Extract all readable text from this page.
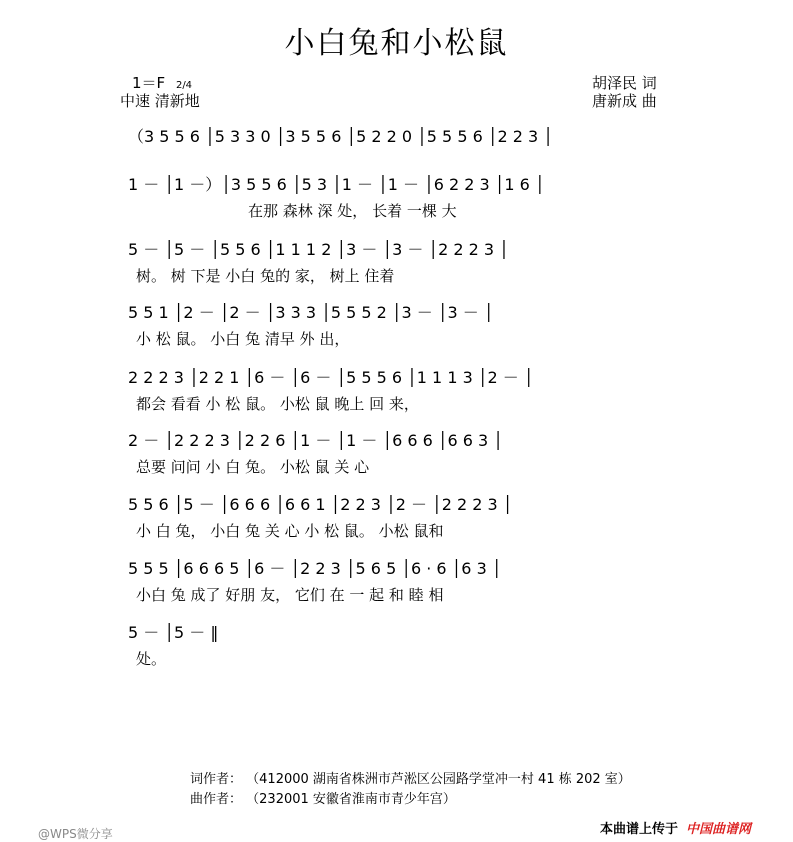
小白兔和小松鼠
1＝F 2/4
中速 清新地
胡泽民 词
唐新成 曲
（3 5 5 6 │5 3 3 0 │3 5 5 6 │5 2 2 0 │5 5 5 6 │2 2 3 │
1 － │1 －）│3 5 5 6 │5 3 │1 － │1 － │6 2 2 3 │1 6 │
在那 森林 深 处， 长着 一棵 大
5 － │5 － │5 5 6 │1 1 1 2 │3 － │3 － │2 2 2 3 │
树。 树 下是 小白 兔的 家， 树上 住着
5 5 1 │2 － │2 － │3 3 3 │5 5 5 2 │3 － │3 － │
小 松 鼠。 小白 兔 清早 外 出，
2 2 2 3 │2 2 1 │6 － │6 － │5 5 5 6 │1 1 1 3 │2 － │
都会 看看 小 松 鼠。 小松 鼠 晚上 回 来，
2 － │2 2 2 3 │2 2 6 │1 － │1 － │6 6 6 │6 6 3 │
总要 问问 小 白 兔。 小松 鼠 关 心
5 5 6 │5 － │6 6 6 │6 6 1 │2 2 3 │2 － │2 2 2 3 │
小 白 兔， 小白 兔 关 心 小 松 鼠。 小松 鼠和
5 5 5 │6 6 6 5 │6 － │2 2 3 │5 6 5 │6 · 6 │6 3 │
小白 兔 成了 好朋 友， 它们 在 一 起 和 睦 相
5 － │5 － ‖
处。
词作者： （412000 湖南省株洲市芦淞区公园路学堂冲一村 41 栋 202 室）
曲作者： （232001 安徽省淮南市青少年宫）
@WPS微分享	本曲谱上传于 中国曲谱网
